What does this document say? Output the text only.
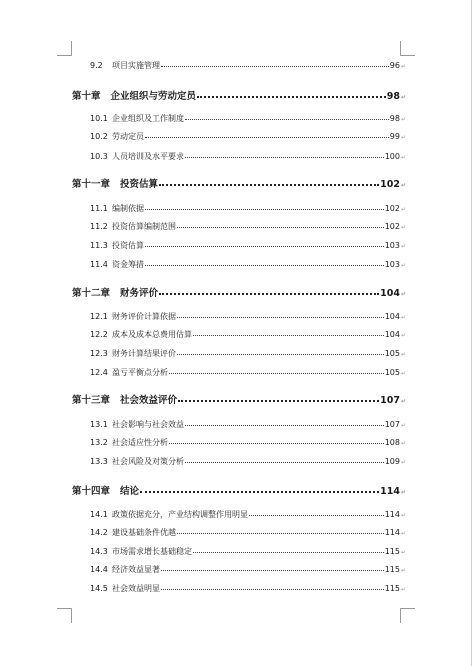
9.2	项目实施管理	96 ↵
第十章 企业组织与劳动定员	98 ↵
10.1 企业组织及工作制度	98 ↵
10.2 劳动定员	99 ↵
10.3 人员培训及水平要求	100 ↵
第十一章 投资估算	102 ↵
11.1 编制依据	102 ↵
11.2 投资估算编制范围	102 ↵
11.3 投资估算	103 ↵
11.4 资金筹措	103 ↵
第十二章 财务评价	104 ↵
12.1 财务评价计算依据	104 ↵
12.2 成本及成本总费用估算	104 ↵
12.3 财务计算结果评价	105 ↵
12.4 盈亏平衡点分析	105 ↵
第十三章 社会效益评价	107 ↵
13.1 社会影响与社会效益	107 ↵
13.2 社会适应性分析	108 ↵
13.3 社会风险及对策分析	109 ↵
第十四章 结论	114 ↵
14.1 政策依据充分，产业结构调整作用明显	114 ↵
14.2 建设基础条件优越	114 ↵
14.3 市场需求增长基础稳定	115 ↵
14.4 经济效益显著	115 ↵
14.5 社会效益明显	115 ↵
